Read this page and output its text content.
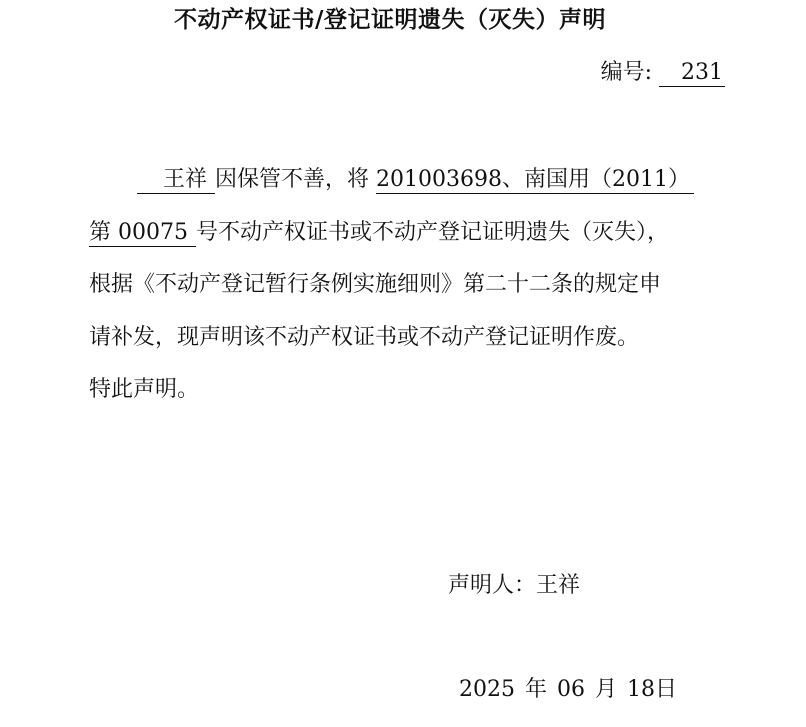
不动产权证书/登记证明遗失（灭失）声明
编号: 231
王祥 因保管不善，将 201003698、南国用（2011）
第 00075 号不动产权证书或不动产登记证明遗失（灭失），
根据《不动产登记暂行条例实施细则》第二十二条的规定申
请补发，现声明该不动产权证书或不动产登记证明作废。
特此声明。
声明人：王祥
2025 年 06 月 18日
